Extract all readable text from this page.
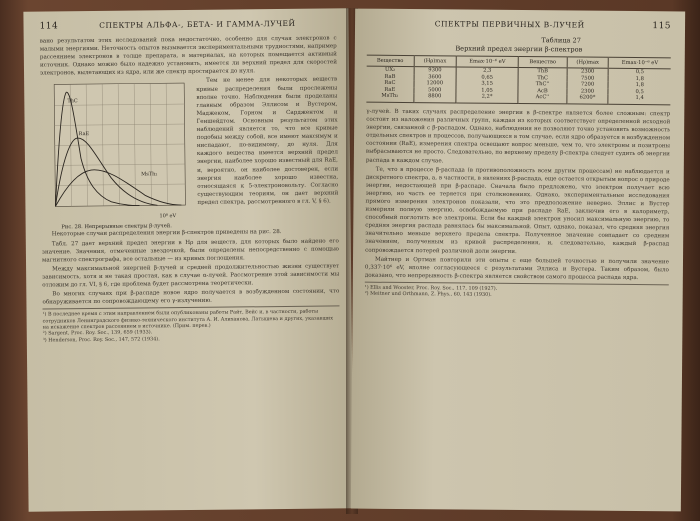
114	СПЕКТРЫ АЛЬФА-, БЕТА- И ГАММА-ЛУЧЕЙ

вано результатом этих исследований пока недостаточно, особенно для случая электронов с малыми энергиями. Неточность опытов вызывается экспериментальными трудностями, например рассеянием электронов в толще препарата, в материалах, на которых помещается активный источник. Однако можно было надежно установить, имеется ли верхний предел для скоростей электронов, вылетающих из ядра, или же спектр простирается до нуля.

ThC
RaE
MsTh₂
10⁸ eV
Рис. 28. Непрерывные спектры β-лучей.

Тем не менее для некоторых веществ кривые распределения были прослежены вполне точно. Наблюдения были проделаны главным образом Эллисом и Вустером, Маджеком, Горном и Сарджентом и Геншейдтом. Основным результатом этих наблюдений является то, что все кривые подобны между собой, все имеют максимум и ниспадают, по-видимому, до нуля. Для каждого вещества имеется верхний предел энергии, наиболее хорошо известный для RaE, и, вероятно, он наиболее достоверен, если энергия наиболее хорошо известна, относящаяся к 5-электроновольту. Согласно существующим теориям, он дает верхний предел спектра, рассмотренного в гл. V, § 6).

Некоторые случаи распределения энергии β-спектров приведены на рис. 28.

Табл. 27 дает верхний предел энергии в Hρ для веществ, для которых было найдено его значение. Значения, отмеченные звездочкой, были определены непосредственно с помощью магнитного спектрографа, все остальные — из кривых поглощения.

Между максимальной энергией β-лучей и средней продолжительностью жизни существует зависимость, хотя и не такая простая, как в случае α-лучей. Рассмотрение этой зависимости мы отложим до гл. VI, § 6, где проблема будет рассмотрена теоретически.

Во многих случаях при β-распаде новое ядро получается в возбужденном состоянии, что обнаруживается по сопровождающему его γ-излучению.

¹) В последнее время с этим направлением были опубликованы работы Райт, Вейс и, в частности, работы сотрудников Ленинградского физико-технического института А. И. Алиханова, Латышева и других, указавших на искажение спектров рассеянием в источнике. (Прим. перев.)

²) Sargent, Proc. Roy. Soc., 139, 659 (1933).

³) Henderson, Proc. Roy. Soc., 147, 572 (1934).

СПЕКТРЫ ПЕРВИЧНЫХ Β-ЛУЧЕЙ	115
Таблица 27
Верхний предел энергии β-спектров
Вещество	(Hρ)max	Emax·10⁻⁶ eV	Вещество	(Hρ)max	Emax·10⁻⁶ eV
UX₂	9300	2,3	ThB	2300	0,5
RaB	3600	0,65	ThC	7500	1,8
RaC	12000	3,15	ThC''	7200	1,8
RaE	5000	1,05	AcB	2300	0,5
MsTh₂	8800	2,2*	AcC''	6200*	1,4

γ-лучей. В таких случаях распределение энергии в β-спектре является более сложным: спектр состоит из наложения различных групп, каждая из которых соответствует определенной исходной энергии, связанной с β-распадом. Однако, наблюдения не позволяют точно установить возможность отдельных спектров и процессов, получающихся в том случае, если ядро образуется в возбужденном состоянии (RaE), измерения спектра освещают вопрос меньше, чем то, что электроны и позитроны выбрасываются не просто. Следовательно, по верхнему пределу β-спектра следует судить об энергии распада в каждом случае.

Те, что в процессе β-распада (в противоположность всем другим процессам) не наблюдается и дискретного спектра, а, в частности, в явлениях β-распада, еще остается открытым вопрос о природе энергии, недостающей при β-распаде. Сначала было предложено, что электрон получает всю энергию, но часть ее теряется при столкновениях. Однако, экспериментальные исследования прямого измерения электронов показали, что это предположение неверно. Эллис и Вустер измерили полную энергию, освобождаемую при распаде RaE, заключив его в калориметр, способный поглотить все электроны. Если бы каждый электрон уносил максимальную энергию, то средняя энергия распада равнялась бы максимальной. Опыт, однако, показал, что средняя энергия значительно меньше верхнего предела спектра. Полученное значение совпадает со средним значением, полученным из кривой распределения, и, следовательно, каждый β-распад сопровождается потерей различной доли энергии.

Майтнер и Ортман повторили эти опыты с еще большей точностью и получили значение 0,337·10⁶ eV, вполне согласующееся с результатами Эллиса и Вустера. Таким образом, было доказано, что непрерывность β-спектра является свойством самого процесса распада ядра.

¹) Ellis and Wooster, Proc. Roy. Soc., 117, 109 (1927).

²) Meitner und Orthmann, Z. Phys., 60, 143 (1930).
